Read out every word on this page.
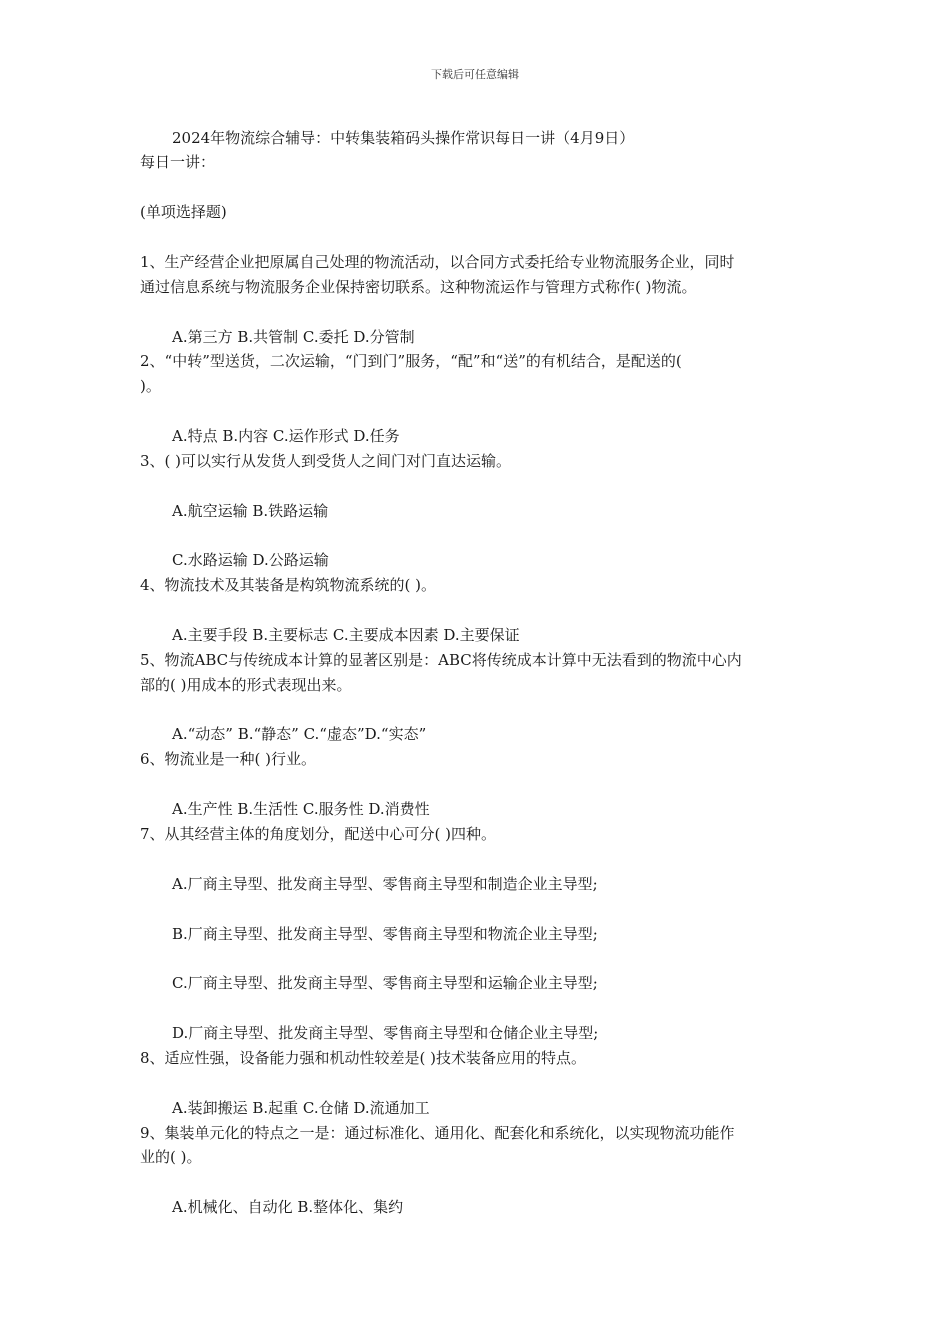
下载后可任意编辑
2024年物流综合辅导：中转集装箱码头操作常识每日一讲（4月9日）
每日一讲：
(单项选择题)
1、生产经营企业把原属自己处理的物流活动，以合同方式委托给专业物流服务企业，同时
通过信息系统与物流服务企业保持密切联系。这种物流运作与管理方式称作( )物流。
A.第三方 B.共管制 C.委托 D.分管制
2、“中转”型送货，二次运输，“门到门”服务，“配”和“送”的有机结合，是配送的(
)。
A.特点 B.内容 C.运作形式 D.任务
3、( )可以实行从发货人到受货人之间门对门直达运输。
A.航空运输 B.铁路运输
C.水路运输 D.公路运输
4、物流技术及其装备是构筑物流系统的( )。
A.主要手段 B.主要标志 C.主要成本因素 D.主要保证
5、物流ABC与传统成本计算的显著区别是：ABC将传统成本计算中无法看到的物流中心内
部的( )用成本的形式表现出来。
A.“动态” B.“静态” C.“虚态”D.“实态”
6、物流业是一种( )行业。
A.生产性 B.生活性 C.服务性 D.消费性
7、从其经营主体的角度划分，配送中心可分( )四种。
A.厂商主导型、批发商主导型、零售商主导型和制造企业主导型;
B.厂商主导型、批发商主导型、零售商主导型和物流企业主导型;
C.厂商主导型、批发商主导型、零售商主导型和运输企业主导型;
D.厂商主导型、批发商主导型、零售商主导型和仓储企业主导型;
8、适应性强，设备能力强和机动性较差是( )技术装备应用的特点。
A.装卸搬运 B.起重 C.仓储 D.流通加工
9、集装单元化的特点之一是：通过标准化、通用化、配套化和系统化，以实现物流功能作
业的( )。
A.机械化、自动化 B.整体化、集约
